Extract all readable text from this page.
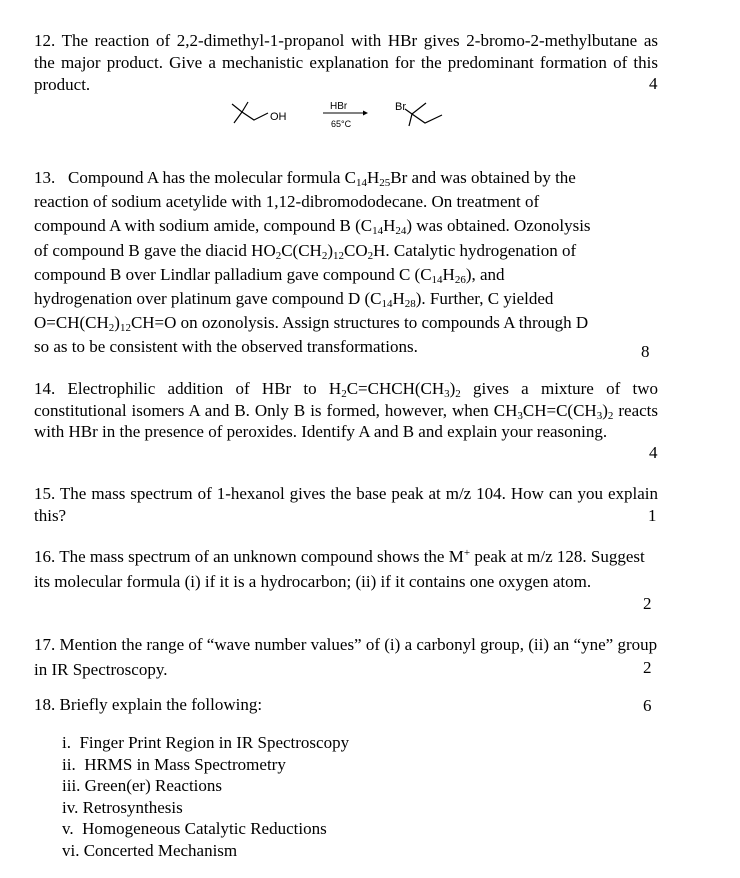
12. The reaction of 2,2-dimethyl-1-propanol with HBr gives 2-bromo-2-methylbutane as the major product. Give a mechanistic explanation for the predominant formation of this product.	4
OH
HBr
65°C
Br
13.   Compound A has the molecular formula $C_{14}H_{25}Br$ and was obtained by the
reaction of sodium acetylide with 1,12-dibromododecane. On treatment of
compound A with sodium amide, compound B $(C_{14}H_{24})$ was obtained. Ozonolysis
of compound B gave the diacid $HO_2C(CH_2)_{12}CO_2H$. Catalytic hydrogenation of
compound B over Lindlar palladium gave compound C $(C_{14}H_{26})$, and
hydrogenation over platinum gave compound D $(C_{14}H_{28})$. Further, C yielded
$O=CH(CH_2)_{12}CH=O$ on ozonolysis. Assign structures to compounds A through D
so as to be consistent with the observed transformations.	8
14. Electrophilic addition of HBr to $H_2C=CHCH(CH_3)_2$ gives a mixture of two constitutional isomers A and B. Only B is formed, however, when $CH_3CH=C(CH_3)_2$ reacts with HBr in the presence of peroxides. Identify A and B and explain your reasoning.
4
15. The mass spectrum of 1-hexanol gives the base peak at m/z 104. How can you explain this?	1
16. The mass spectrum of an unknown compound shows the M+ peak at m/z 128. Suggest its molecular formula (i) if it is a hydrocarbon; (ii) if it contains one oxygen atom.
2
17. Mention the range of “wave number values” of (i) a carbonyl group, (ii) an “yne” group in IR Spectroscopy.	2
18. Briefly explain the following:	6
i.  Finger Print Region in IR Spectroscopy
ii.  HRMS in Mass Spectrometry
iii. Green(er) Reactions
iv. Retrosynthesis
v.  Homogeneous Catalytic Reductions
vi. Concerted Mechanism
